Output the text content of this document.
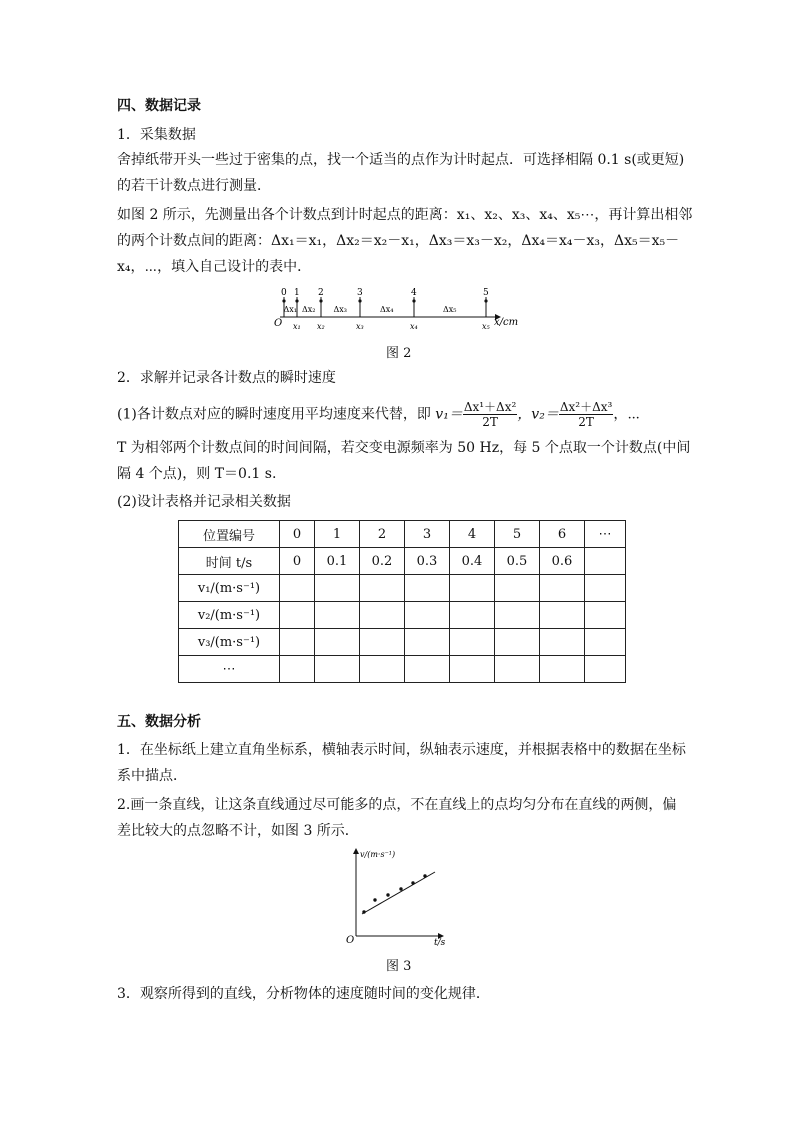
四、数据记录
1．采集数据
舍掉纸带开头一些过于密集的点，找一个适当的点作为计时起点．可选择相隔 0.1 s(或更短)
的若干计数点进行测量．
如图 2 所示，先测量出各个计数点到计时起点的距离：x₁、x₂、x₃、x₄、x₅⋯，再计算出相邻
的两个计数点间的距离：Δx₁＝x₁，Δx₂＝x₂－x₁，Δx₃＝x₃－x₂，Δx₄＝x₄－x₃，Δx₅＝x₅－
x₄，⋯，填入自己设计的表中．
0 1 2	3	4	5
x₁ x₂	x₃	x₄	x₅
Δx₁ Δx₂ Δx₃	Δx₄	Δx₅
O	x/cm
图 2
2．求解并记录各计数点的瞬时速度
(1)各计数点对应的瞬时速度用平均速度来代替，即 $v_1= \frac{\text{Δx¹＋Δx²}}{2T}$ ，$v_2= \frac{\text{Δx²＋Δx³}}{2T}$ ，⋯
T 为相邻两个计数点间的时间间隔，若交变电源频率为 50 Hz，每 5 个点取一个计数点(中间
隔 4 个点)，则 T＝0.1 s.
(2)设计表格并记录相关数据
位置编号	0	1	2	3	4	5	6	⋯
时间 t/s	0	0.1	0.2	0.3	0.4	0.5	0.6	
v₁/(m·s⁻¹)								
v₂/(m·s⁻¹)								
v₃/(m·s⁻¹)								
⋯								
五、数据分析
1．在坐标纸上建立直角坐标系，横轴表示时间，纵轴表示速度，并根据表格中的数据在坐标
系中描点．
2.画一条直线，让这条直线通过尽可能多的点，不在直线上的点均匀分布在直线的两侧，偏
差比较大的点忽略不计，如图 3 所示．
v/(m·s⁻¹)
t/s
O
图 3
3．观察所得到的直线，分析物体的速度随时间的变化规律．
